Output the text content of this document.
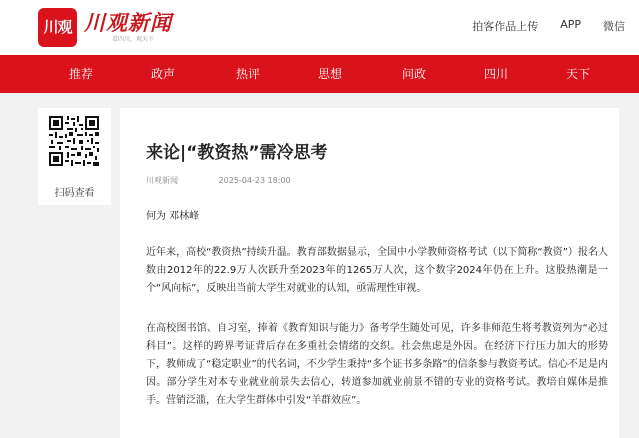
川观 川观新闻
看四川，观天下
拍客作品上传 APP 微信
推荐	政声	热评	思想	问政	四川	天下
扫码查看
来论|“教资热”需冷思考
川观新闻	2025-04-23 18:00
何为 邓林峰
近年来，高校“教资热”持续升温。教育部数据显示，全国中小学教师资格考试（以下简称“教资”）报名人数由2012年的22.9万人次跃升至2023年的1265万人次，这个数字2024年仍在上升。这股热潮是一个“风向标”，反映出当前大学生对就业的认知，亟需理性审视。
在高校图书馆、自习室，捧着《教育知识与能力》备考学生随处可见，许多非师范生将考教资列为“必过科目”。这样的跨界考证背后存在多重社会情绪的交织。社会焦虑是外因。在经济下行压力加大的形势下，教师成了“稳定职业”的代名词，不少学生秉持“多个证书多条路”的信条参与教资考试。信心不足是内因。部分学生对本专业就业前景失去信心，转道参加就业前景不错的专业的资格考试。教培自媒体是推手。营销泛滥，在大学生群体中引发“羊群效应”。
